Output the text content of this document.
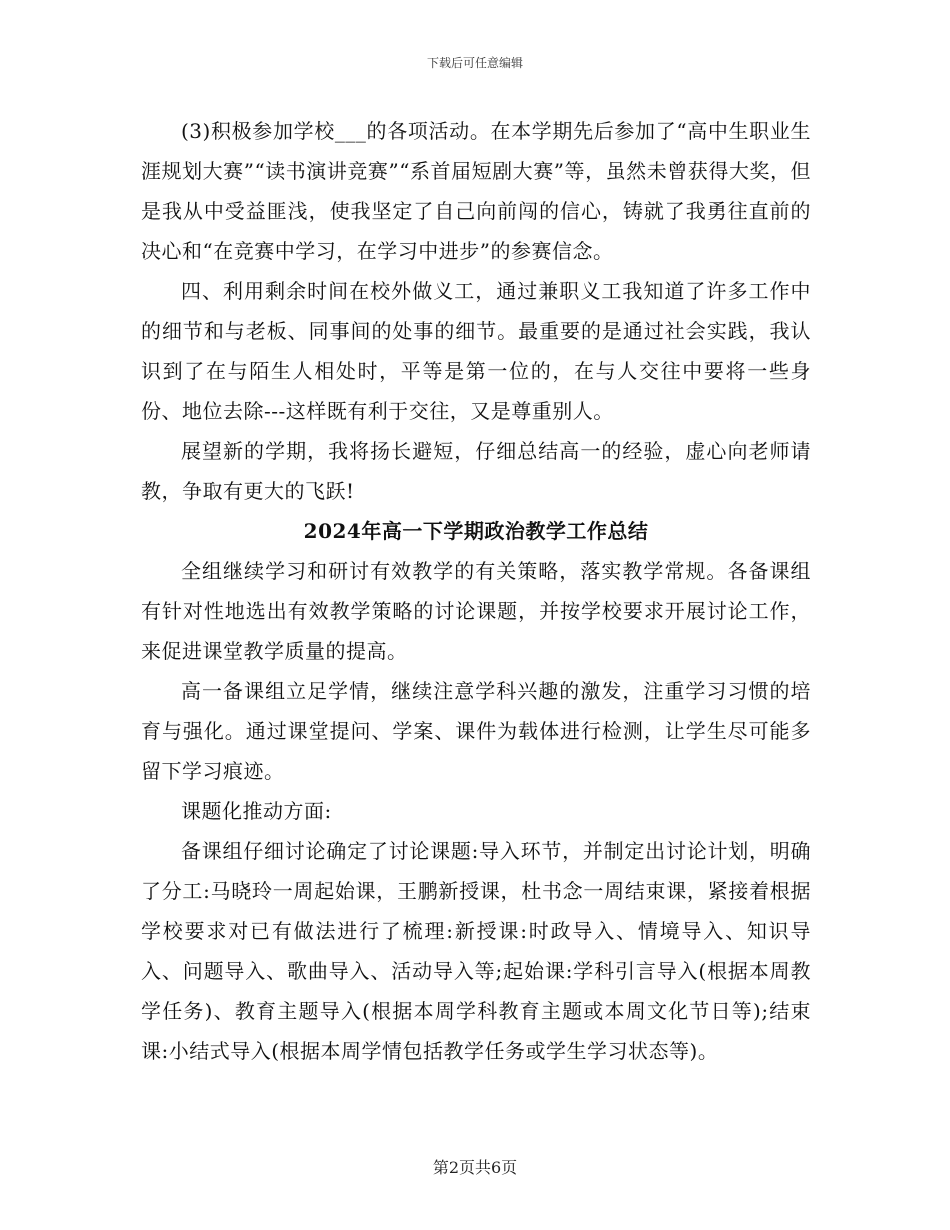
下载后可任意编辑

(3)积极参加学校___的各项活动。在本学期先后参加了“高中生职业生涯规划大赛”“读书演讲竞赛”“系首届短剧大赛”等，虽然未曾获得大奖，但是我从中受益匪浅，使我坚定了自己向前闯的信心，铸就了我勇往直前的决心和“在竞赛中学习，在学习中进步”的参赛信念。

四、利用剩余时间在校外做义工，通过兼职义工我知道了许多工作中的细节和与老板、同事间的处事的细节。最重要的是通过社会实践，我认识到了在与陌生人相处时，平等是第一位的，在与人交往中要将一些身份、地位去除---这样既有利于交往，又是尊重别人。

展望新的学期，我将扬长避短，仔细总结高一的经验，虚心向老师请教，争取有更大的飞跃!

2024年高一下学期政治教学工作总结

全组继续学习和研讨有效教学的有关策略，落实教学常规。各备课组有针对性地选出有效教学策略的讨论课题，并按学校要求开展讨论工作，来促进课堂教学质量的提高。

高一备课组立足学情，继续注意学科兴趣的激发，注重学习习惯的培育与强化。通过课堂提问、学案、课件为载体进行检测，让学生尽可能多留下学习痕迹。

课题化推动方面:

备课组仔细讨论确定了讨论课题:导入环节，并制定出讨论计划，明确了分工:马晓玲一周起始课，王鹏新授课，杜书念一周结束课，紧接着根据学校要求对已有做法进行了梳理:新授课:时政导入、情境导入、知识导入、问题导入、歌曲导入、活动导入等;起始课:学科引言导入(根据本周教学任务)、教育主题导入(根据本周学科教育主题或本周文化节日等);结束课:小结式导入(根据本周学情包括教学任务或学生学习状态等)。

第2页共6页
